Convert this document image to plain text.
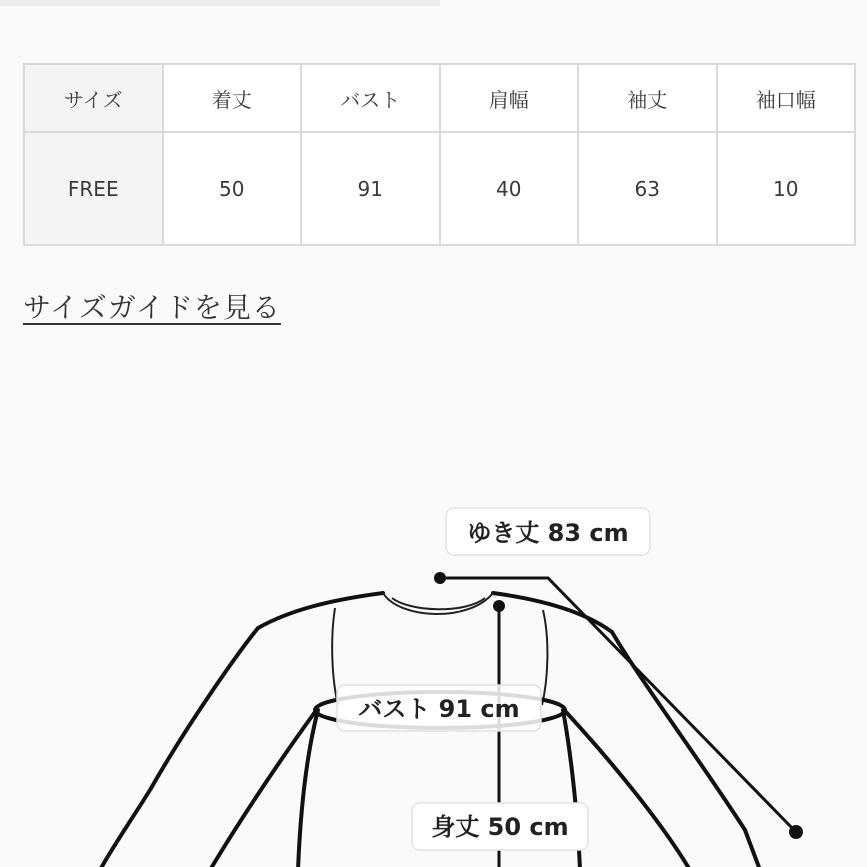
サイズ	着丈	バスト	肩幅	袖丈	袖口幅
FREE	50	91	40	63	10
サイズガイドを見る
ゆき丈 83 cm
バスト 91 cm
身丈 50 cm
